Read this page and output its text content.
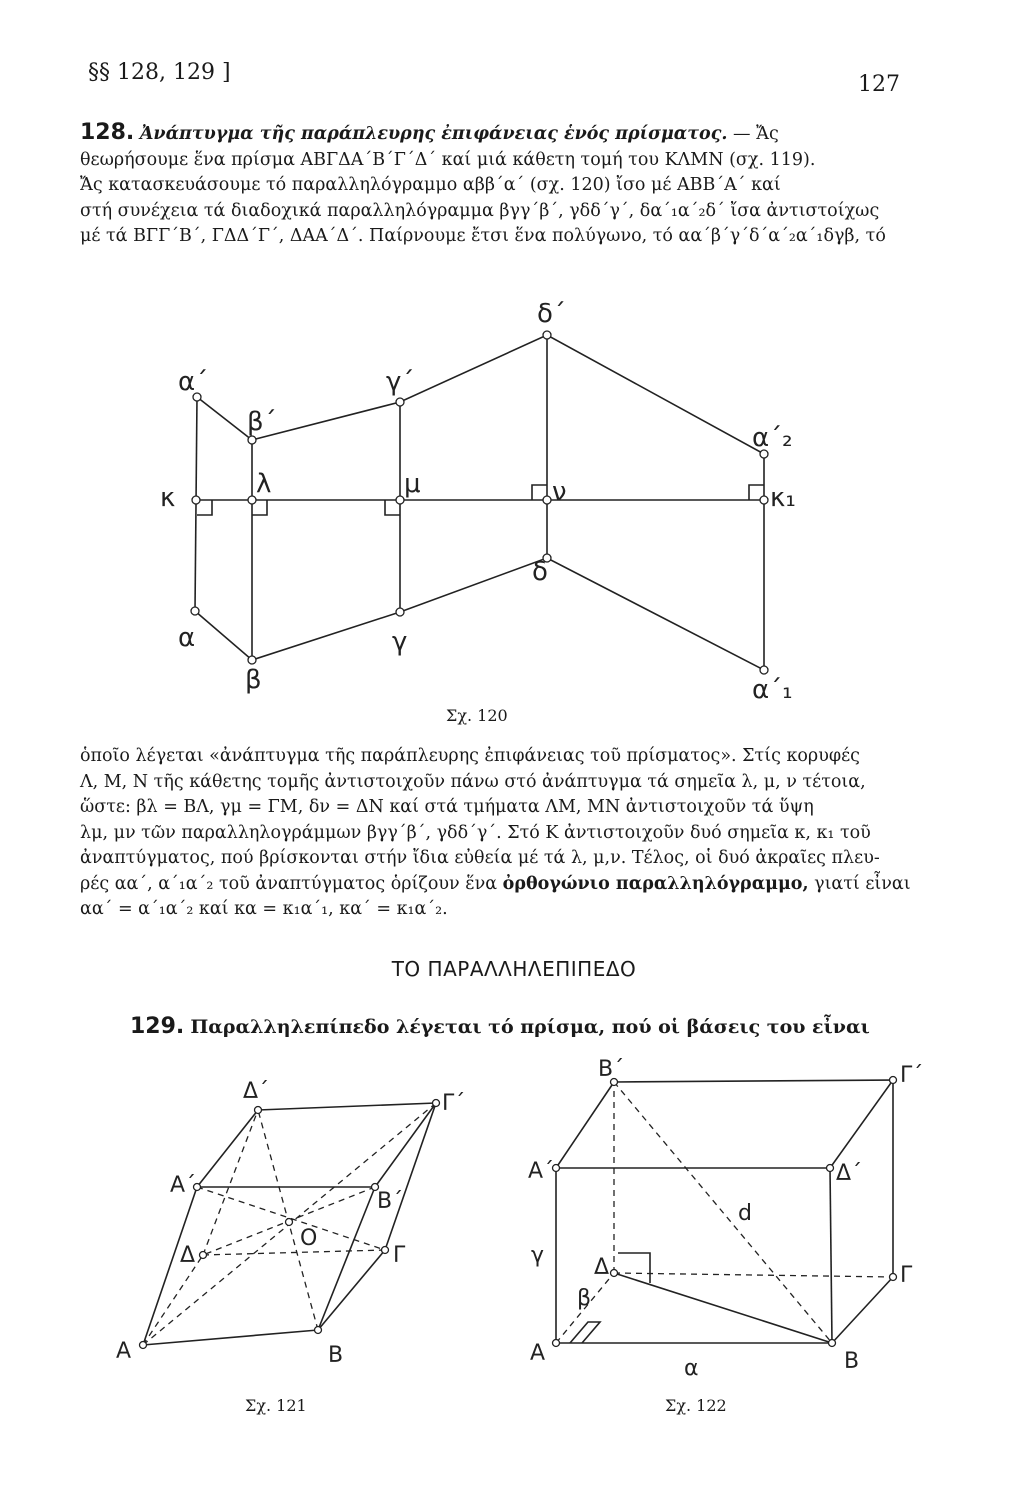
§§ 128, 129 ]	127
128. Ἀνάπτυγμα τῆς παράπλευρης ἐπιφάνειας ἑνός πρίσματος. — Ἄς
θεωρήσουμε ἕνα πρίσμα ΑΒΓΔΑ΄Β΄Γ΄Δ΄ καί μιά κάθετη τομή του ΚΛΜΝ (σχ. 119).
Ἄς κατασκευάσουμε τό παραλληλόγραμμο αββ΄α΄ (σχ. 120) ἴσο μέ ΑΒΒ΄Α΄ καί
στή συνέχεια τά διαδοχικά παραλληλόγραμμα βγγ΄β΄, γδδ΄γ΄, δα΄₁α΄₂δ΄ ἴσα ἀντιστοίχως
μέ τά ΒΓΓ΄Β΄, ΓΔΔ΄Γ΄, ΔΑΑ΄Δ΄. Παίρνουμε ἔτσι ἕνα πολύγωνο, τό αα΄β΄γ΄δ΄α΄₂α΄₁δγβ, τό
α΄
β΄
γ΄
δ΄
α΄₂
κ	λ	μ	ν	κ₁
δ
α	γ
β	α΄₁
Σχ. 120
ὁποῖο λέγεται «ἀνάπτυγμα τῆς παράπλευρης ἐπιφάνειας τοῦ πρίσματος». Στίς κορυφές
Λ, Μ, Ν τῆς κάθετης τομῆς ἀντιστοιχοῦν πάνω στό ἀνάπτυγμα τά σημεῖα λ, μ, ν τέτοια,
ὥστε: βλ = ΒΛ, γμ = ΓΜ, δν = ΔΝ καί στά τμήματα ΛΜ, ΜΝ ἀντιστοιχοῦν τά ὕψη
λμ, μν τῶν παραλληλογράμμων βγγ΄β΄, γδδ΄γ΄. Στό Κ ἀντιστοιχοῦν δυό σημεῖα κ, κ₁ τοῦ
ἀναπτύγματος, πού βρίσκονται στήν ἴδια εὐθεία μέ τά λ, μ,ν. Τέλος, οἱ δυό ἀκραῖες πλευ-
ρές αα΄, α΄₁α΄₂ τοῦ ἀναπτύγματος ὁρίζουν ἕνα ὀρθογώνιο παραλληλόγραμμο, γιατί εἶναι
αα΄ = α΄₁α΄₂ καί κα = κ₁α΄₁, κα΄ = κ₁α΄₂.
ΤΟ ΠΑΡΑΛΛΗΛΕΠΙΠΕΔΟ
129. Παραλληλεπίπεδο λέγεται τό πρίσμα, πού οἱ βάσεις του εἶναι
Δ΄	Γ΄
Α΄
Β΄
O
Δ	Γ
Α	Β
Σχ. 121
Β΄	Γ΄
Α΄	Δ΄
d
γ Δ	Γ
β
Α
α	Β
Σχ. 122
